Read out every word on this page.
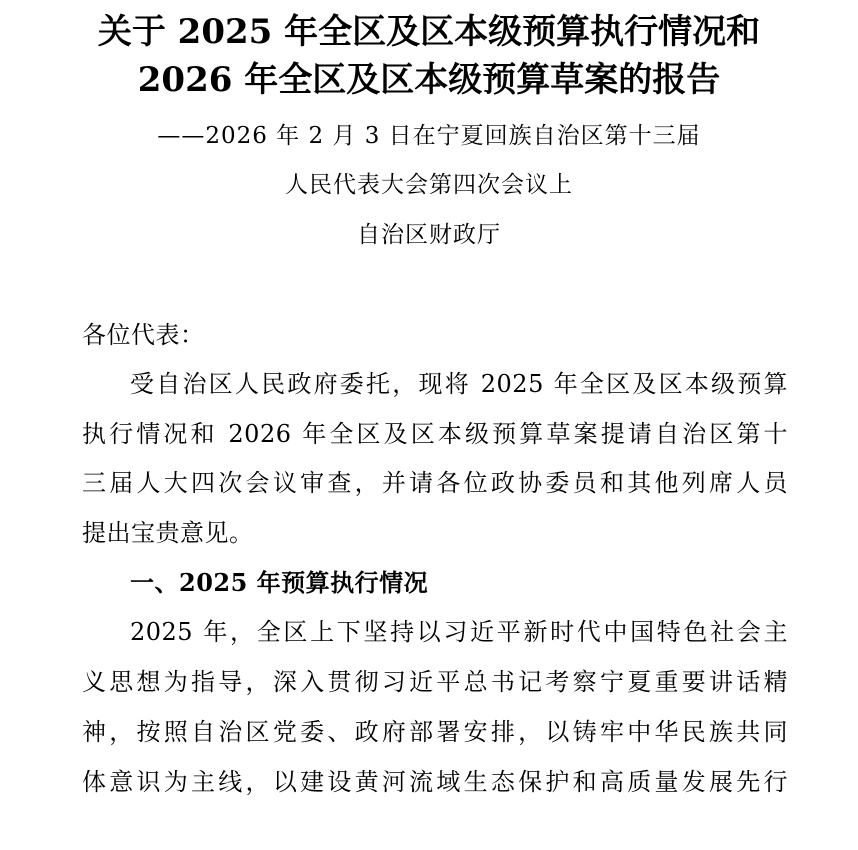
关于 2025 年全区及区本级预算执行情况和
2026 年全区及区本级预算草案的报告
——2026 年 2 月 3 日在宁夏回族自治区第十三届
人民代表大会第四次会议上
自治区财政厅
各位代表：
受自治区人民政府委托，现将 2025 年全区及区本级预算
执行情况和 2026 年全区及区本级预算草案提请自治区第十
三届人大四次会议审查，并请各位政协委员和其他列席人员
提出宝贵意见。
一、2025 年预算执行情况
2025 年，全区上下坚持以习近平新时代中国特色社会主
义思想为指导，深入贯彻习近平总书记考察宁夏重要讲话精
神，按照自治区党委、政府部署安排，以铸牢中华民族共同
体意识为主线，以建设黄河流域生态保护和高质量发展先行
